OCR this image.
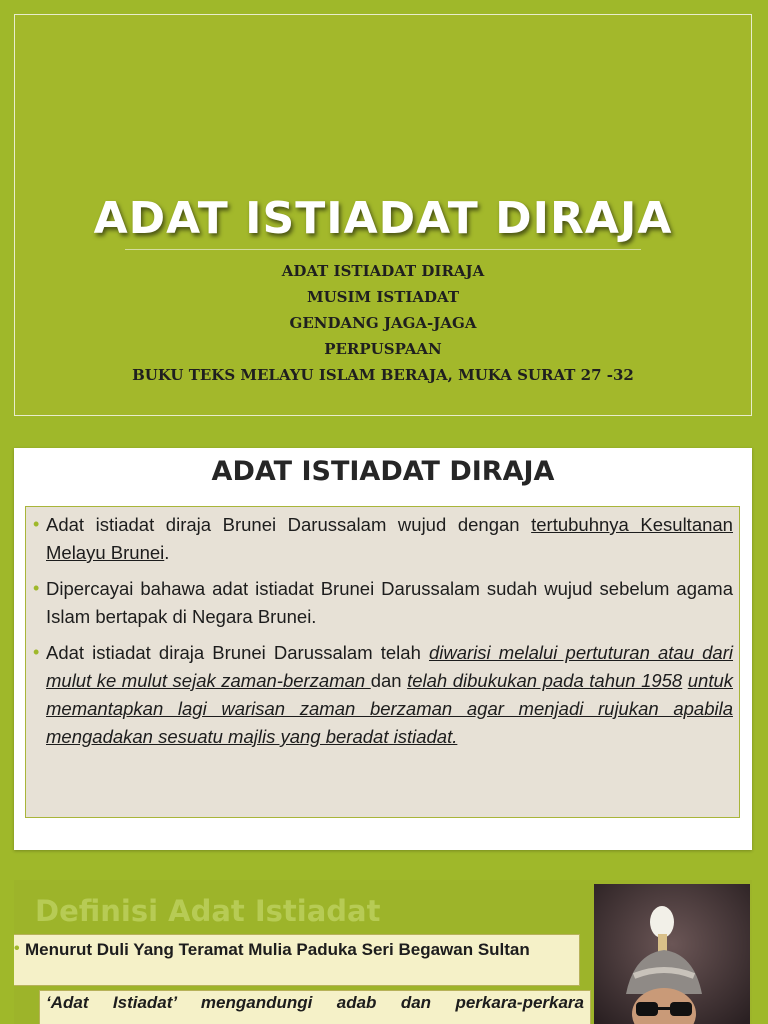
ADAT ISTIADAT DIRAJA
ADAT ISTIADAT DIRAJA
MUSIM ISTIADAT
GENDANG JAGA-JAGA
PERPUSPAAN
BUKU TEKS MELAYU ISLAM BERAJA, MUKA SURAT 27 -32
ADAT ISTIADAT DIRAJA
• Adat istiadat diraja Brunei Darussalam wujud dengan tertubuhnya Kesultanan Melayu Brunei.
• Dipercayai bahawa adat istiadat Brunei Darussalam sudah wujud sebelum agama Islam bertapak di Negara Brunei.
• Adat istiadat diraja Brunei Darussalam telah diwarisi melalui pertuturan atau dari mulut ke mulut sejak zaman-berzaman dan telah dibukukan pada tahun 1958 untuk memantapkan lagi warisan zaman berzaman agar menjadi rujukan apabila mengadakan sesuatu majlis yang beradat istiadat.
Definisi Adat Istiadat
• Menurut Duli Yang Teramat Mulia Paduka Seri Begawan Sultan
‘Adat Istiadat’ mengandungi adab dan perkara-perkara
